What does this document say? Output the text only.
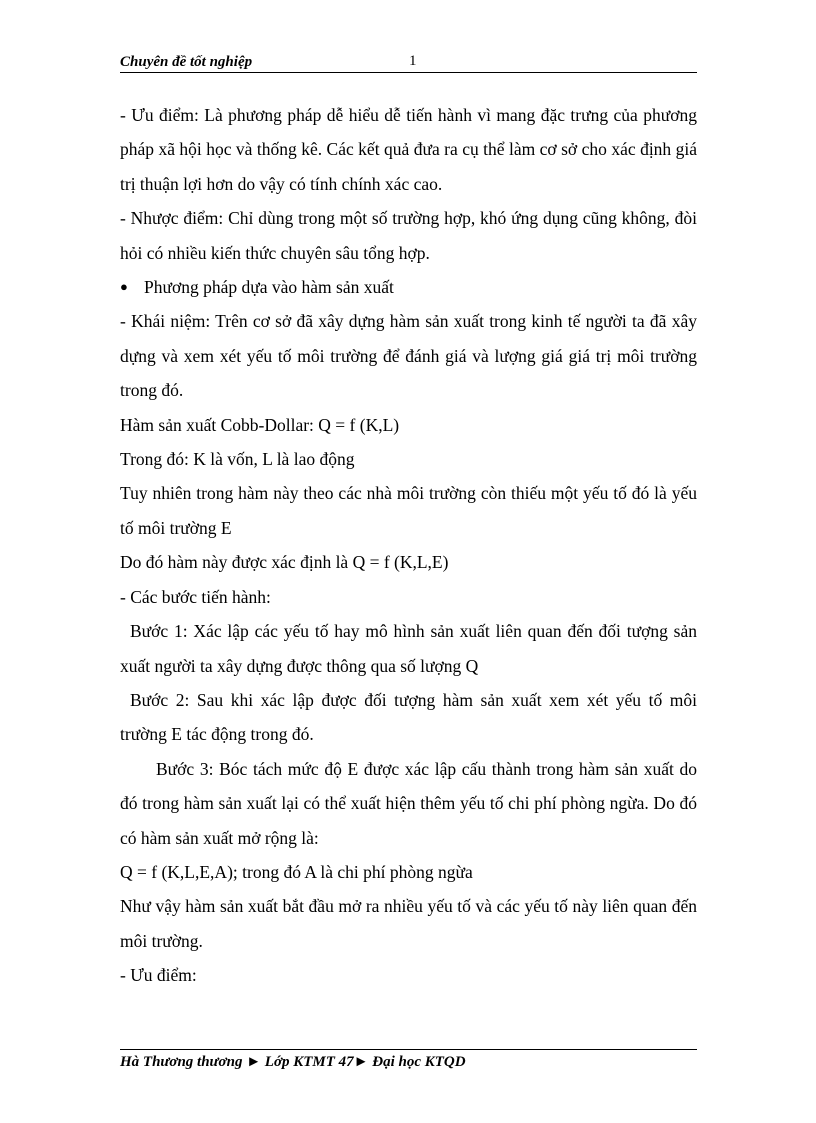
Chuyên đề tốt nghiệp	1

- Ưu điểm: Là phương pháp dễ hiểu dễ tiến hành vì mang đặc trưng của phương pháp xã hội học và thống kê. Các kết quả đưa ra cụ thể làm cơ sở cho xác định giá trị thuận lợi hơn do vậy có tính chính xác cao.

- Nhược điểm: Chỉ dùng trong một số trường hợp, khó ứng dụng cũng không, đòi hỏi có nhiều kiến thức chuyên sâu tổng hợp.

● Phương pháp dựa vào hàm sản xuất

- Khái niệm: Trên cơ sở đã xây dựng hàm sản xuất trong kinh tế người ta đã xây dựng và xem xét yếu tố môi trường để đánh giá và lượng giá giá trị môi trường trong đó.

Hàm sản xuất Cobb-Dollar: Q = f (K,L)

Trong đó: K là vốn, L là lao động

Tuy nhiên trong hàm này theo các nhà môi trường còn thiếu một yếu tố đó là yếu tố môi trường E

Do đó hàm này được xác định là Q = f (K,L,E)

- Các bước tiến hành:

Bước 1: Xác lập các yếu tố hay mô hình sản xuất liên quan đến đối tượng sản xuất người ta xây dựng được thông qua số lượng Q

Bước 2: Sau khi xác lập được đối tượng hàm sản xuất xem xét yếu tố môi trường E tác động trong đó.

Bước 3: Bóc tách mức độ E được xác lập cấu thành trong hàm sản xuất do đó trong hàm sản xuất lại có thể xuất hiện thêm yếu tố chi phí phòng ngừa. Do đó có hàm sản xuất mở rộng là:

Q = f (K,L,E,A); trong đó A là chi phí phòng ngừa

Như vậy hàm sản xuất bắt đầu mở ra nhiều yếu tố và các yếu tố này liên quan đến môi trường.

- Ưu điểm:

Hà Thương thương ► Lớp KTMT 47► Đại học KTQD
